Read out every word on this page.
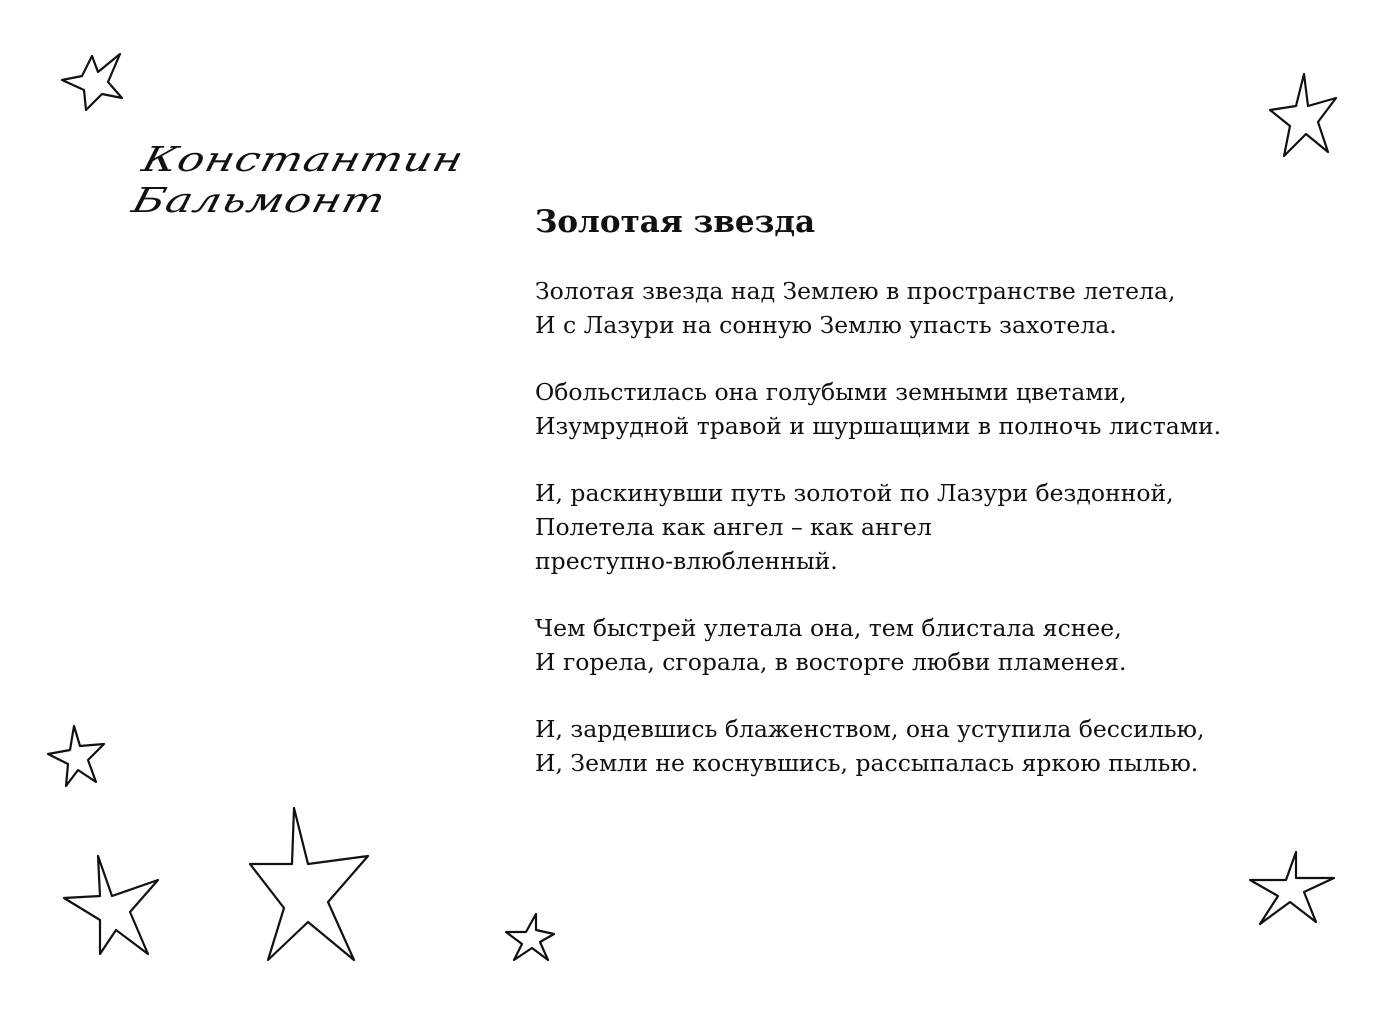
Константин
Бальмонт
Золотая звезда
Золотая звезда над Землею в пространстве летела,
И с Лазури на сонную Землю упасть захотела.
Обольстилась она голубыми земными цветами,
Изумрудной травой и шуршащими в полночь листами.
И, раскинувши путь золотой по Лазури бездонной,
Полетела как ангел – как ангел
преступно-влюбленный.
Чем быстрей улетала она, тем блистала яснее,
И горела, сгорала, в восторге любви пламенея.
И, зардевшись блаженством, она уступила бессилью,
И, Земли не коснувшись, рассыпалась яркою пылью.
